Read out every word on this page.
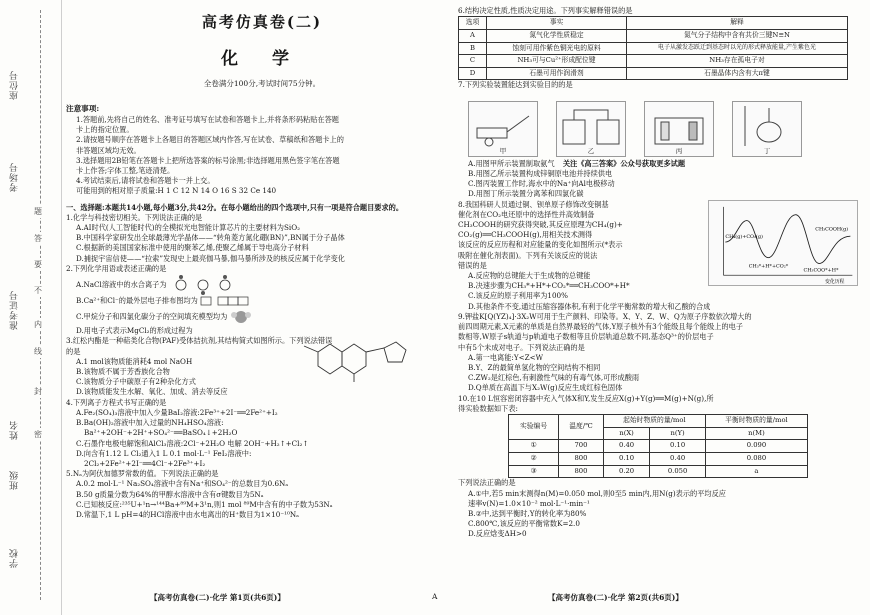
座位号
考场号
准考证号
姓名
班级
学校
题
答
要
不
内
线
封
密
高考仿真卷(二)
化 学
全卷满分100分,考试时间75分钟。

注意事项:

1.答题前,先将自己的姓名、准考证号填写在试卷和答题卡上,并将条形码粘贴在答题

卡上的指定位置。

2.请按题号顺序在答题卡上各题目的答题区域内作答,写在试卷、草稿纸和答题卡上的

非答题区域均无效。

3.选择题用2B铅笔在答题卡上把所选答案的标号涂黑;非选择题用黑色签字笔在答题

卡上作答;字体工整,笔迹清楚。

4.考试结束后,请将试卷和答题卡一并上交。

可能用到的相对原子质量:H 1 C 12 N 14 O 16 S 32 Ce 140

一、选择题:本题共14小题,每小题3分,共42分。在每小题给出的四个选项中,只有一项是符合题目要求的。

1.化学与科技密切相关。下列说法正确的是

A.AI时代(人工智能时代)的全模拟光电智能计算芯片的主要材料为SiO₂

B.中国科学家研发出全球最薄光学晶体——“转角菱方氮化硼(BN)”,BN属于分子晶体

C.根据新的美国国家标准中使用的聚苯乙烯,使聚乙烯属于导电高分子材料

D.捕捉宇宙信使——“拉索”发现史上最亮伽马暴,伽马暴所涉及的核反应属于化学变化

2.下列化学用语或表述正确的是

A.NaCl溶液中的水合离子为

B.Ca²⁺和Cl⁻的最外层电子排布图均为

C.甲烷分子和四氯化碳分子的空间填充模型均为

D.用电子式表示MgCl₂的形成过程为

3.红松内酯是一种萜类化合物(PAF)受体拮抗剂,其结构简式如图所示。下列说法错误

的是

A.1 mol该物质能消耗4 mol NaOH

B.该物质不属于芳香族化合物

C.该物质分子中碳原子有2种杂化方式

D.该物质能发生水解、氧化、加成、消去等反应

4.下列离子方程式书写正确的是

A.Fe₂(SO₄)₃溶液中加入少量BaI₂溶液:2Fe³⁺+2I⁻══2Fe²⁺+I₂

B.Ba(OH)₂溶液中加入过量的NH₄HSO₄溶液:

Ba²⁺+2OH⁻+2H⁺+SO₄²⁻══BaSO₄↓+2H₂O

C.石墨作电极电解饱和AlCl₃溶液:2Cl⁻+2H₂O 电解 2OH⁻+H₂↑+Cl₂↑

D.向含有1.12 L Cl₂通入1 L 0.1 mol·L⁻¹ FeI₂溶液中:

2Cl₂+2Fe²⁺+2I⁻══4Cl⁻+2Fe³⁺+I₂

5.Nₐ为阿伏加德罗常数的值。下列说法正确的是

A.0.2 mol·L⁻¹ Na₂SO₄溶液中含有Na⁺和SO₄²⁻的总数目为0.6Nₐ

B.50 g质量分数为64%的甲醇水溶液中含有σ键数目为5Nₐ

C.已知核反应:²³⁵U+¹n→¹⁴⁴Ba+⁸⁹M+3¹n,则1 mol ⁸⁹M中含有的中子数为53Nₐ

D.常温下,1 L pH=4的HCl溶液中由水电离出的H⁺数目为1×10⁻¹⁰Nₐ

6.结构决定性质,性质决定用途。下列事实解释错误的是

选项	事实	解释
A	氮气化学性质稳定	氮气分子结构中含有共价三键N≡N
B	蚀刻可用作紫色铜光电的原料	电子从激发态跃迁到基态时以光的形式释放能量,产生紫色光
C	NH₃可与Cu²⁺形成配位键	NH₃存在孤电子对
D	石墨可用作润滑剂	石墨晶体内含有大π键

7.下列实验装置能达到实验目的的是

甲	乙	丙	丁

A.用图甲所示装置制取氨气 关注《高三答案》公众号获取更多试题

B.用图乙所示装置构成锌铜原电池并持续供电

C.图丙装置工作时,海水中的Na⁺向Al电极移动

D.用图丁所示装置分离苯和四氯化碳

CH₄(g)+CO₂(g)
CH₃COOH(g)
CH₃*+H*+CO₂*
CH₃COO*+H*
变化历程

8.我国科研人员通过铜、钡单原子修饰改变铜基

催化剂在CO₂电还原中的选择性并高效制备

CH₃COOH的研究获得突破,其反应原理为CH₄(g)+

CO₂(g)══CH₃COOH(g),用相关技术测得

该反应的反应历程和对应能量的变化如图所示(*表示

吸附在催化剂表面)。下列有关该反应的说法

错误的是

A.反应物的总键能大于生成物的总键能

B.决速步骤为CH₃*+H*+CO₂*══CH₃COO*+H*

C.该反应的原子利用率为100%

D.其他条件不变,通过压缩容器体积,有利于化学平衡常数的增大和乙酸的合成

9.钾盐K[Q(YZ)₄]·3X₂W可用于生产颜料、印染等。X、Y、Z、W、Q为原子序数依次增大的

前四周期元素,X元素的单质是自然界最轻的气体,Y原子核外有3个能级且每个能级上的电子

数相等,W原子s轨道与p轨道电子数相等且价层轨道总数不同,基态Q³⁺的价层电子

中有5个未成对电子。下列说法正确的是

A.第一电离能:Y<Z<W

B.Y、Z的最简单氢化物的空间结构不相同

C.ZW₂是红棕色,有刺激性气味的有毒气体,可形成酸雨

D.Q单质在高温下与X₂W(g)反应生成红棕色固体

10.在10 L恒容密闭容器中充入气体X和Y,发生反应X(g)+Y(g)══M(g)+N(g),所

得实验数据如下表:

实验编号	温度/℃	起始时物质的量/mol		平衡时物质的量/mol
		n(X)	n(Y)	n(M)
①	700	0.40	0.10	0.090
②	800	0.10	0.40	0.080
③	800	0.20	0.050	a

下列说法正确的是

A.①中,若5 min末测得n(M)=0.050 mol,则0至5 min内,用N(g)表示的平均反应

速率v(N)=1.0×10⁻² mol·L⁻¹·min⁻¹

B.②中,达到平衡时,Y的转化率为80%

C.800℃,该反应的平衡常数K=2.0

D.反应焓变ΔH>0

【高考仿真卷(二)·化学 第1页(共6页)】	A	【高考仿真卷(二)·化学 第2页(共6页)】
